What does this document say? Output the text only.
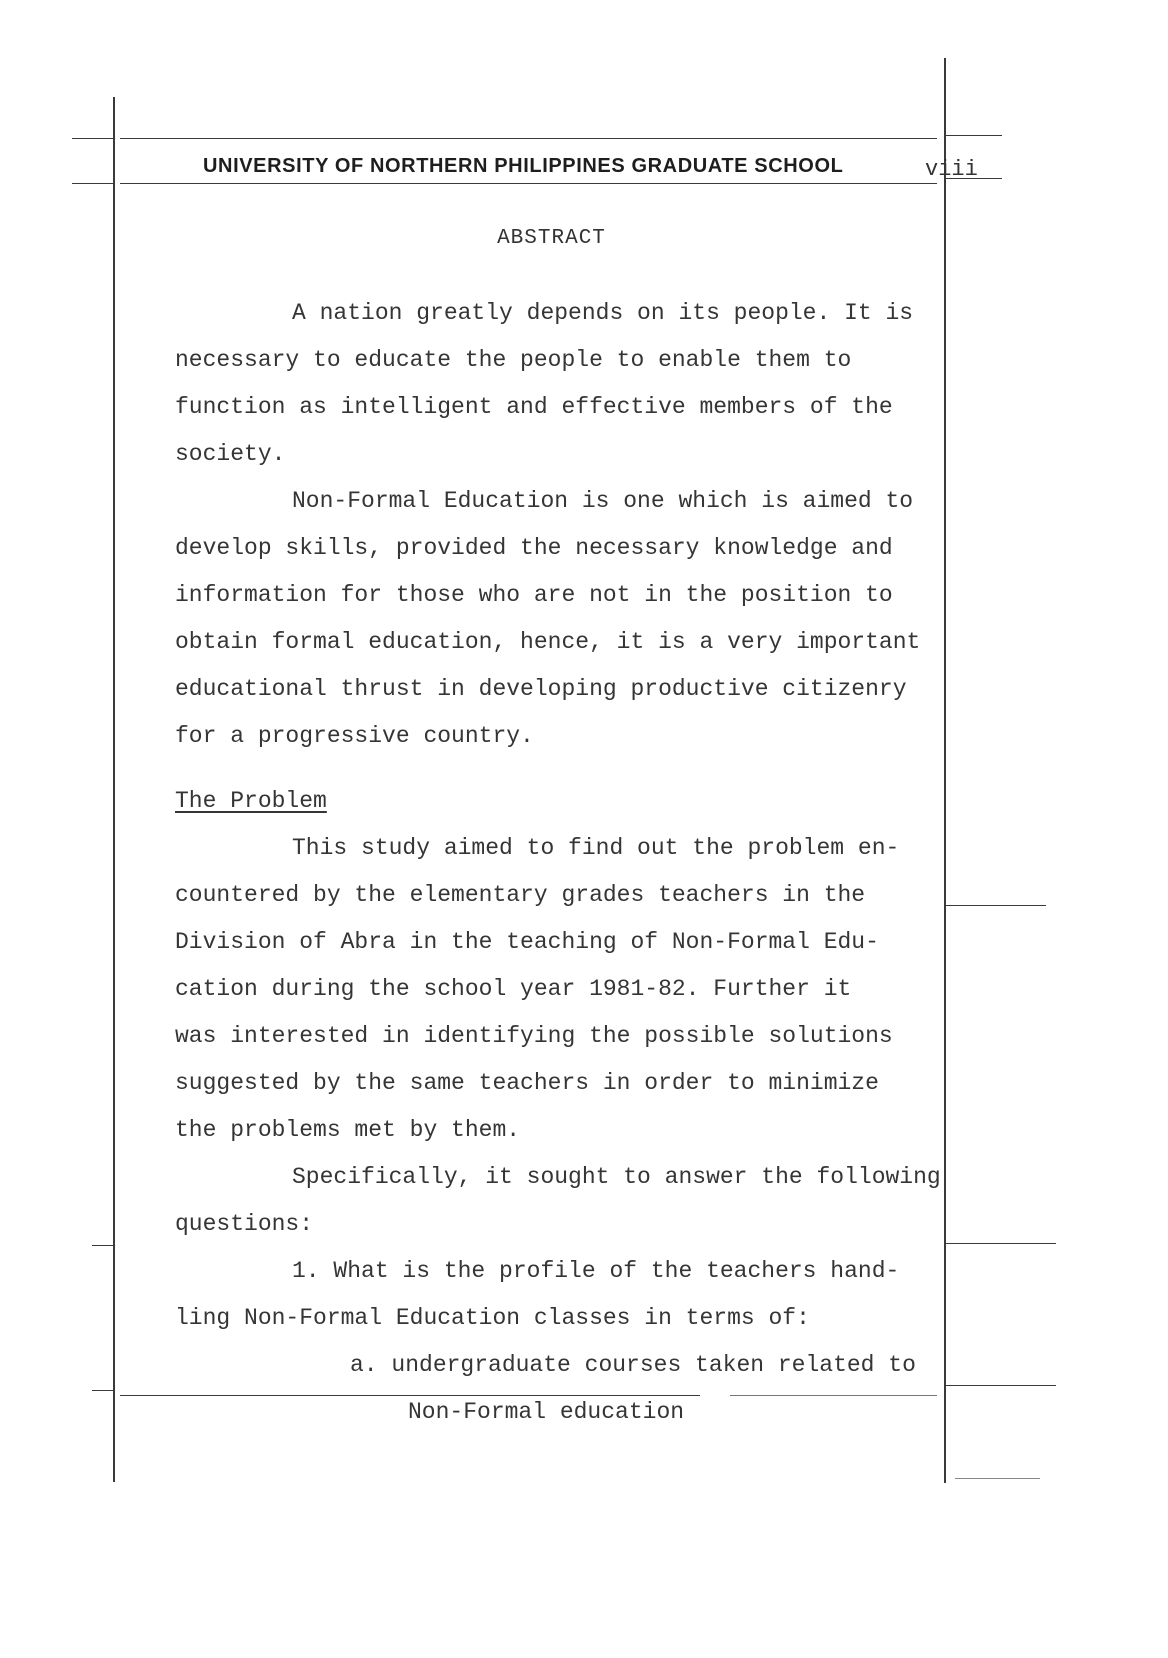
UNIVERSITY OF NORTHERN PHILIPPINES GRADUATE SCHOOL	viii
ABSTRACT

A nation greatly depends on its people. It is

necessary to educate the people to enable them to

function as intelligent and effective members of the

society.

Non-Formal Education is one which is aimed to

develop skills, provided the necessary knowledge and

information for those who are not in the position to

obtain formal education, hence, it is a very important

educational thrust in developing productive citizenry

for a progressive country.

The Problem

This study aimed to find out the problem en-

countered by the elementary grades teachers in the

Division of Abra in the teaching of Non-Formal Edu-

cation during the school year 1981-82. Further it

was interested in identifying the possible solutions

suggested by the same teachers in order to minimize

the problems met by them.

Specifically, it sought to answer the following

questions:

1. What is the profile of the teachers hand-

ling Non-Formal Education classes in terms of:

a. undergraduate courses taken related to

Non-Formal education
